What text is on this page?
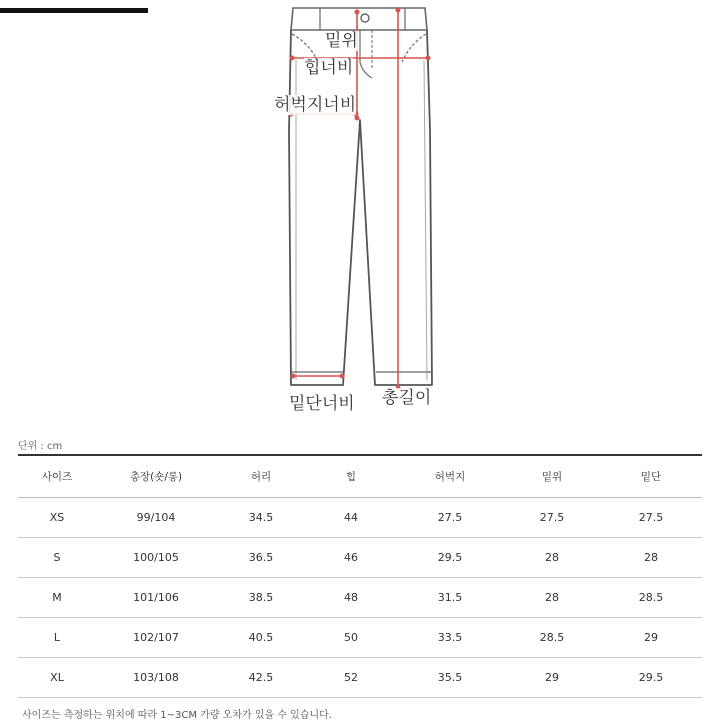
밑위
힙너비
허벅지너비
밑단너비 총길이
단위 : cm
사이즈	총장(숏/롱)	허리	힙	허벅지	밑위	밑단
XS	99/104	34.5	44	27.5	27.5	27.5
S	100/105	36.5	46	29.5	28	28
M	101/106	38.5	48	31.5	28	28.5
L	102/107	40.5	50	33.5	28.5	29
XL	103/108	42.5	52	35.5	29	29.5
사이즈는 측정하는 위치에 따라 1~3CM 가량 오차가 있을 수 있습니다.
